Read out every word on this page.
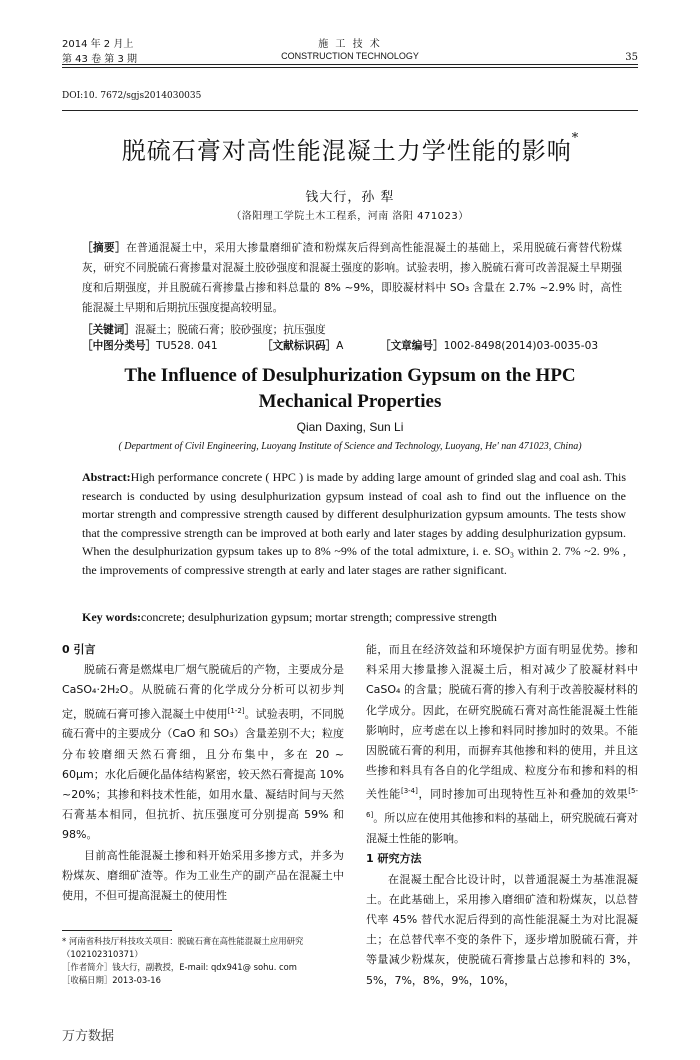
2014 年 2 月上
第 43 卷 第 3 期
施 工 技 术
CONSTRUCTION TECHNOLOGY	35
DOI:10. 7672/sgjs2014030035
脱硫石膏对高性能混凝土力学性能的影响*
钱大行，孙 犁
（洛阳理工学院土木工程系，河南 洛阳 471023）
［摘要］在普通混凝土中，采用大掺量磨细矿渣和粉煤灰后得到高性能混凝土的基础上，采用脱硫石膏替代粉煤灰，研究不同脱硫石膏掺量对混凝土胶砂强度和混凝土强度的影响。试验表明，掺入脱硫石膏可改善混凝土早期强度和后期强度，并且脱硫石膏掺量占掺和料总量的 8% ~9%，即胶凝材料中 SO₃ 含量在 2.7% ~2.9% 时，高性能混凝土早期和后期抗压强度提高较明显。
［关键词］混凝土；脱硫石膏；胶砂强度；抗压强度
［中图分类号］TU528. 041	［文献标识码］A	［文章编号］1002-8498(2014)03-0035-03
The Influence of Desulphurization Gypsum on the HPC
Mechanical Properties
Qian Daxing, Sun Li
( Department of Civil Engineering, Luoyang Institute of Science and Technology, Luoyang, He' nan 471023, China)
Abstract:High performance concrete ( HPC ) is made by adding large amount of grinded slag and coal ash. This research is conducted by using desulphurization gypsum instead of coal ash to find out the influence on the mortar strength and compressive strength caused by different desulphurization gypsum amounts. The tests show that the compressive strength can be improved at both early and later stages by adding desulphurization gypsum. When the desulphurization gypsum takes up to 8% ~9% of the total admixture, i. e. SO₃ within 2. 7% ~2. 9% , the improvements of compressive strength at early and later stages are rather significant.
Key words:concrete; desulphurization gypsum; mortar strength; compressive strength

0 引言

脱硫石膏是燃煤电厂烟气脱硫后的产物，主要成分是 CaSO₄·2H₂O。从脱硫石膏的化学成分分析可以初步判定，脱硫石膏可掺入混凝土中使用[1-2]。试验表明，不同脱硫石膏中的主要成分（CaO 和 SO₃）含量差别不大；粒度分布较磨细天然石膏细，且分布集中，多在 20 ~ 60μm；水化后硬化晶体结构紧密，较天然石膏提高 10% ~20%；其掺和料技术性能，如用水量、凝结时间与天然石膏基本相同，但抗折、抗压强度可分别提高 59% 和 98%。

目前高性能混凝土掺和料开始采用多掺方式，并多为粉煤灰、磨细矿渣等。作为工业生产的副产品在混凝土中使用，不但可提高混凝土的使用性

* 河南省科技厅科技攻关项目：脱硫石膏在高性能混凝土应用研究（102102310371）
［作者简介］钱大行，副教授，E-mail: qdx941@ sohu. com
［收稿日期］2013-03-16

能，而且在经济效益和环境保护方面有明显优势。掺和料采用大掺量掺入混凝土后，相对减少了胶凝材料中 CaSO₄ 的含量；脱硫石膏的掺入有利于改善胶凝材料的化学成分。因此，在研究脱硫石膏对高性能混凝土性能影响时，应考虑在以上掺和料同时掺加时的效果。不能因脱硫石膏的利用，而摒弃其他掺和料的使用，并且这些掺和料具有各自的化学组成、粒度分布和掺和料的相关性能[3-4]，同时掺加可出现特性互补和叠加的效果[5-6]。所以应在使用其他掺和料的基础上，研究脱硫石膏对混凝土性能的影响。

1 研究方法

在混凝土配合比设计时，以普通混凝土为基准混凝土。在此基础上，采用掺入磨细矿渣和粉煤灰，以总替代率 45% 替代水泥后得到的高性能混凝土为对比混凝土；在总替代率不变的条件下，逐步增加脱硫石膏，并等量减少粉煤灰，使脱硫石膏掺量占总掺和料的 3%，5%，7%，8%，9%，10%，

万方数据
